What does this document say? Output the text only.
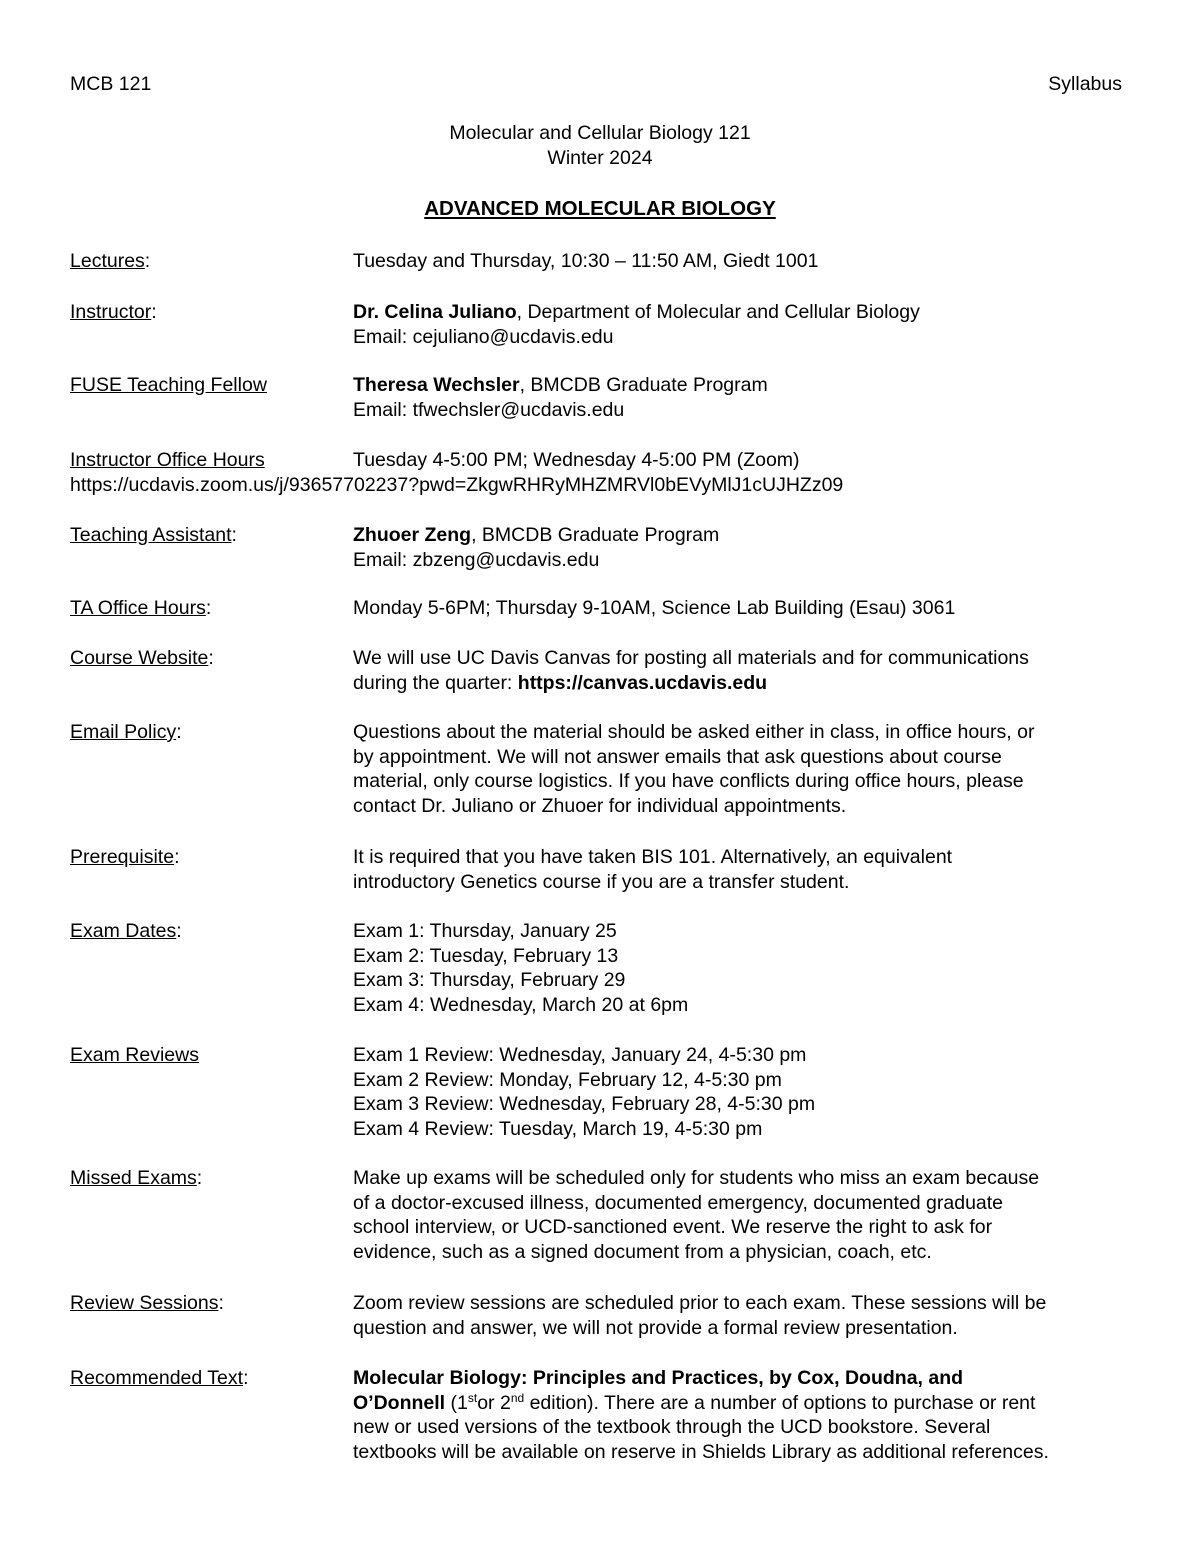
MCB 121	Syllabus
Molecular and Cellular Biology 121
Winter 2024
ADVANCED MOLECULAR BIOLOGY
Lectures:	Tuesday and Thursday, 10:30 – 11:50 AM, Giedt 1001
Instructor:	Dr. Celina Juliano, Department of Molecular and Cellular Biology
Email: cejuliano@ucdavis.edu
FUSE Teaching Fellow	Theresa Wechsler, BMCDB Graduate Program
Email: tfwechsler@ucdavis.edu
Instructor Office Hours	Tuesday 4-5:00 PM; Wednesday 4-5:00 PM (Zoom)
https://ucdavis.zoom.us/j/93657702237?pwd=ZkgwRHRyMHZMRVl0bEVyMlJ1cUJHZz09
Teaching Assistant:	Zhuoer Zeng, BMCDB Graduate Program
Email: zbzeng@ucdavis.edu
TA Office Hours:	Monday 5-6PM; Thursday 9-10AM, Science Lab Building (Esau) 3061
Course Website:	We will use UC Davis Canvas for posting all materials and for communications
during the quarter: https://canvas.ucdavis.edu
Email Policy:	Questions about the material should be asked either in class, in office hours, or
by appointment. We will not answer emails that ask questions about course
material, only course logistics. If you have conflicts during office hours, please
contact Dr. Juliano or Zhuoer for individual appointments.
Prerequisite:	It is required that you have taken BIS 101. Alternatively, an equivalent
introductory Genetics course if you are a transfer student.
Exam Dates:	Exam 1: Thursday, January 25
Exam 2: Tuesday, February 13
Exam 3: Thursday, February 29
Exam 4: Wednesday, March 20 at 6pm
Exam Reviews	Exam 1 Review: Wednesday, January 24, 4-5:30 pm
Exam 2 Review: Monday, February 12, 4-5:30 pm
Exam 3 Review: Wednesday, February 28, 4-5:30 pm
Exam 4 Review: Tuesday, March 19, 4-5:30 pm
Missed Exams:	Make up exams will be scheduled only for students who miss an exam because
of a doctor-excused illness, documented emergency, documented graduate
school interview, or UCD-sanctioned event. We reserve the right to ask for
evidence, such as a signed document from a physician, coach, etc.
Review Sessions:	Zoom review sessions are scheduled prior to each exam. These sessions will be
question and answer, we will not provide a formal review presentation.
Recommended Text:	Molecular Biology: Principles and Practices, by Cox, Doudna, and
O’Donnell (1stor 2nd edition). There are a number of options to purchase or rent
new or used versions of the textbook through the UCD bookstore. Several
textbooks will be available on reserve in Shields Library as additional references.
